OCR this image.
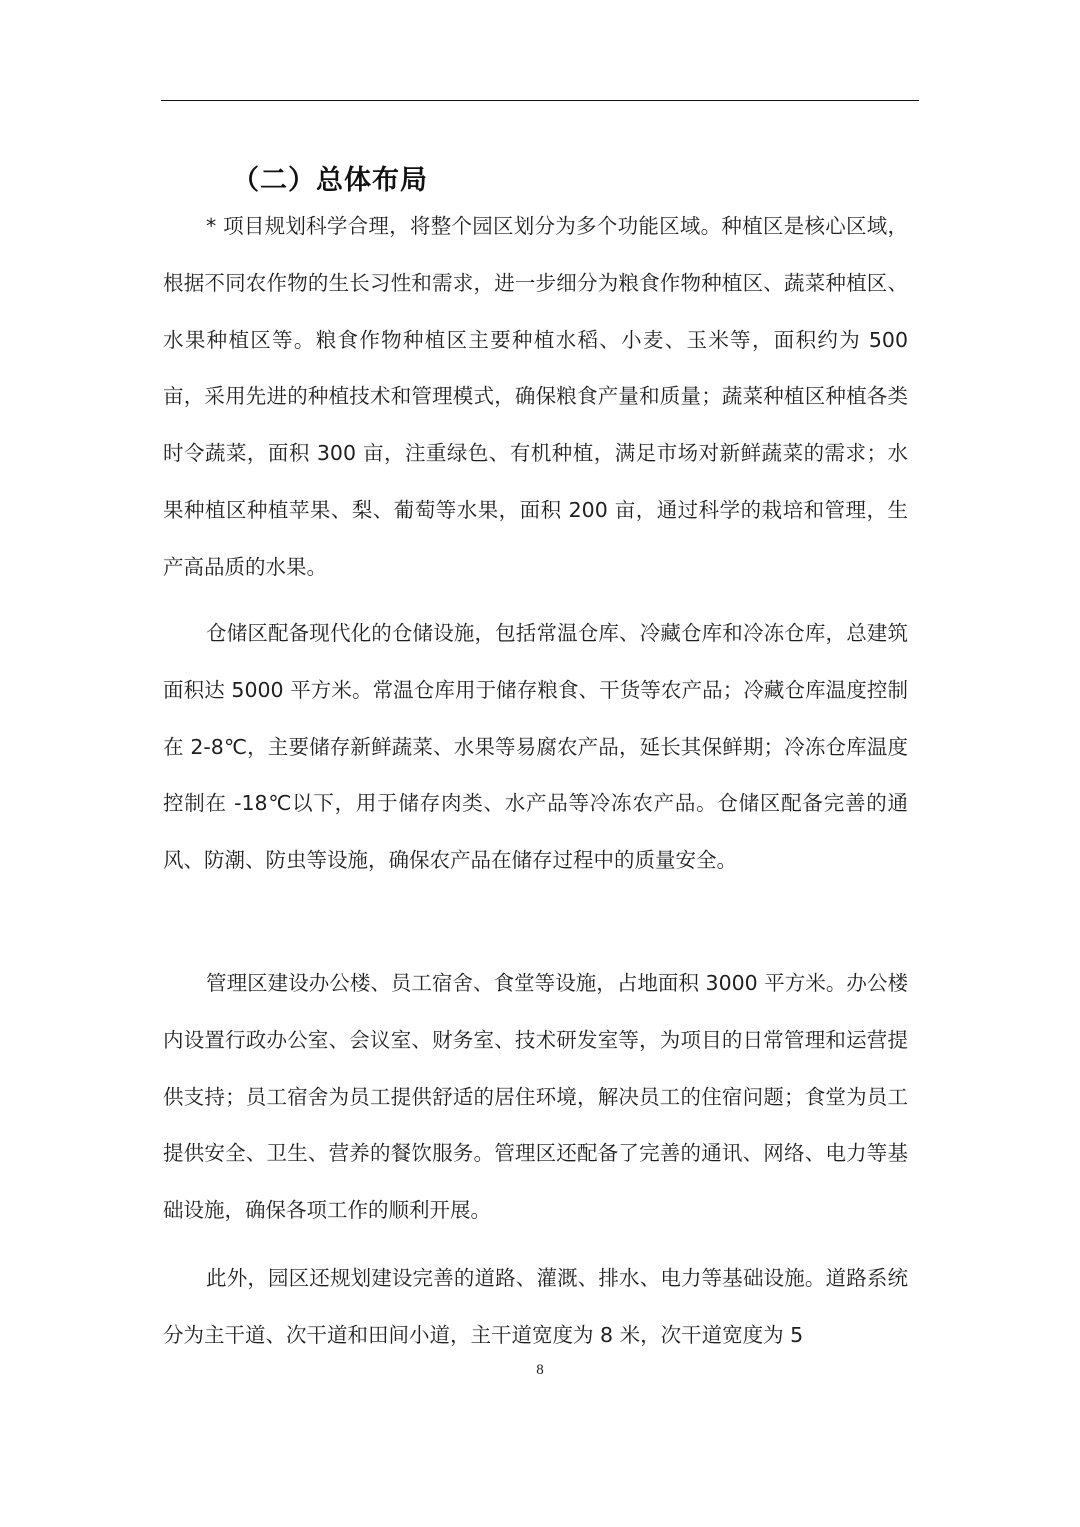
（二）总体布局

* 项目规划科学合理，将整个园区划分为多个功能区域。种植区是核心区域，根据不同农作物的生长习性和需求，进一步细分为粮食作物种植区、蔬菜种植区、水果种植区等。粮食作物种植区主要种植水稻、小麦、玉米等，面积约为 500 亩，采用先进的种植技术和管理模式，确保粮食产量和质量；蔬菜种植区种植各类时令蔬菜，面积 300 亩，注重绿色、有机种植，满足市场对新鲜蔬菜的需求；水果种植区种植苹果、梨、葡萄等水果，面积 200 亩，通过科学的栽培和管理，生产高品质的水果。

仓储区配备现代化的仓储设施，包括常温仓库、冷藏仓库和冷冻仓库，总建筑面积达 5000 平方米。常温仓库用于储存粮食、干货等农产品；冷藏仓库温度控制在 2-8℃，主要储存新鲜蔬菜、水果等易腐农产品，延长其保鲜期；冷冻仓库温度控制在 -18℃以下，用于储存肉类、水产品等冷冻农产品。仓储区配备完善的通风、防潮、防虫等设施，确保农产品在储存过程中的质量安全。

管理区建设办公楼、员工宿舍、食堂等设施，占地面积 3000 平方米。办公楼内设置行政办公室、会议室、财务室、技术研发室等，为项目的日常管理和运营提供支持；员工宿舍为员工提供舒适的居住环境，解决员工的住宿问题；食堂为员工提供安全、卫生、营养的餐饮服务。管理区还配备了完善的通讯、网络、电力等基础设施，确保各项工作的顺利开展。

此外，园区还规划建设完善的道路、灌溉、排水、电力等基础设施。道路系统分为主干道、次干道和田间小道，主干道宽度为 8 米，次干道宽度为 5

8
